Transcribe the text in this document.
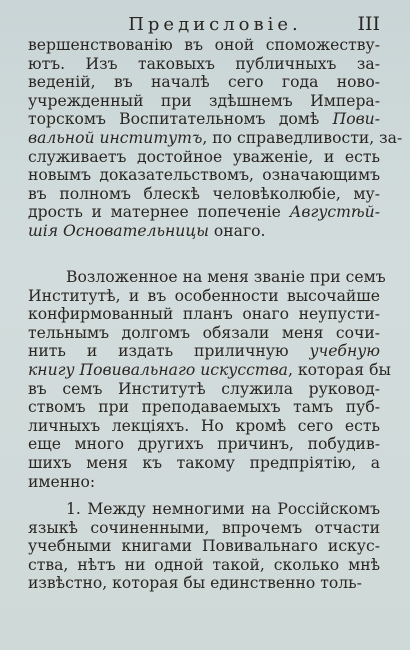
Предисловіе.	III
вершенствованію въ оной споможеству-
ютъ. Изъ таковыхъ публичныхъ за-
веденій, въ началѣ сего года ново-
учрежденный при здѣшнемъ Импера-
торскомъ Воспитательномъ домѣ Пови-
вальной институтъ, по справедливости, за-
служиваетъ достойное уваженіе, и есть
новымъ доказательствомъ, означающимъ
въ полномъ блескѣ человѣколюбіе, му-
дрость и матернее попеченіе Августѣй-
шія Основательницы онаго.
Возложенное на меня званіе при семъ
Институтѣ, и въ особенности высочайше
конфирмованный планъ онаго неупусти-
тельнымъ долгомъ обязали меня сочи-
нить и издать приличную учебную
книгу Повивальнаго искусства, которая бы
въ семъ Институтѣ служила руковод-
ствомъ при преподаваемыхъ тамъ пуб-
личныхъ лекціяхъ. Но кромѣ сего есть
еще много другихъ причинъ, побудив-
шихъ меня къ такому предпріятію, а
именно:
1. Между немногими на Россійскомъ
языкѣ сочиненными, впрочемъ отчасти
учебными книгами Повивальнаго искус-
ства, нѣтъ ни одной такой, сколько мнѣ
извѣстно, которая бы единственно толь-
